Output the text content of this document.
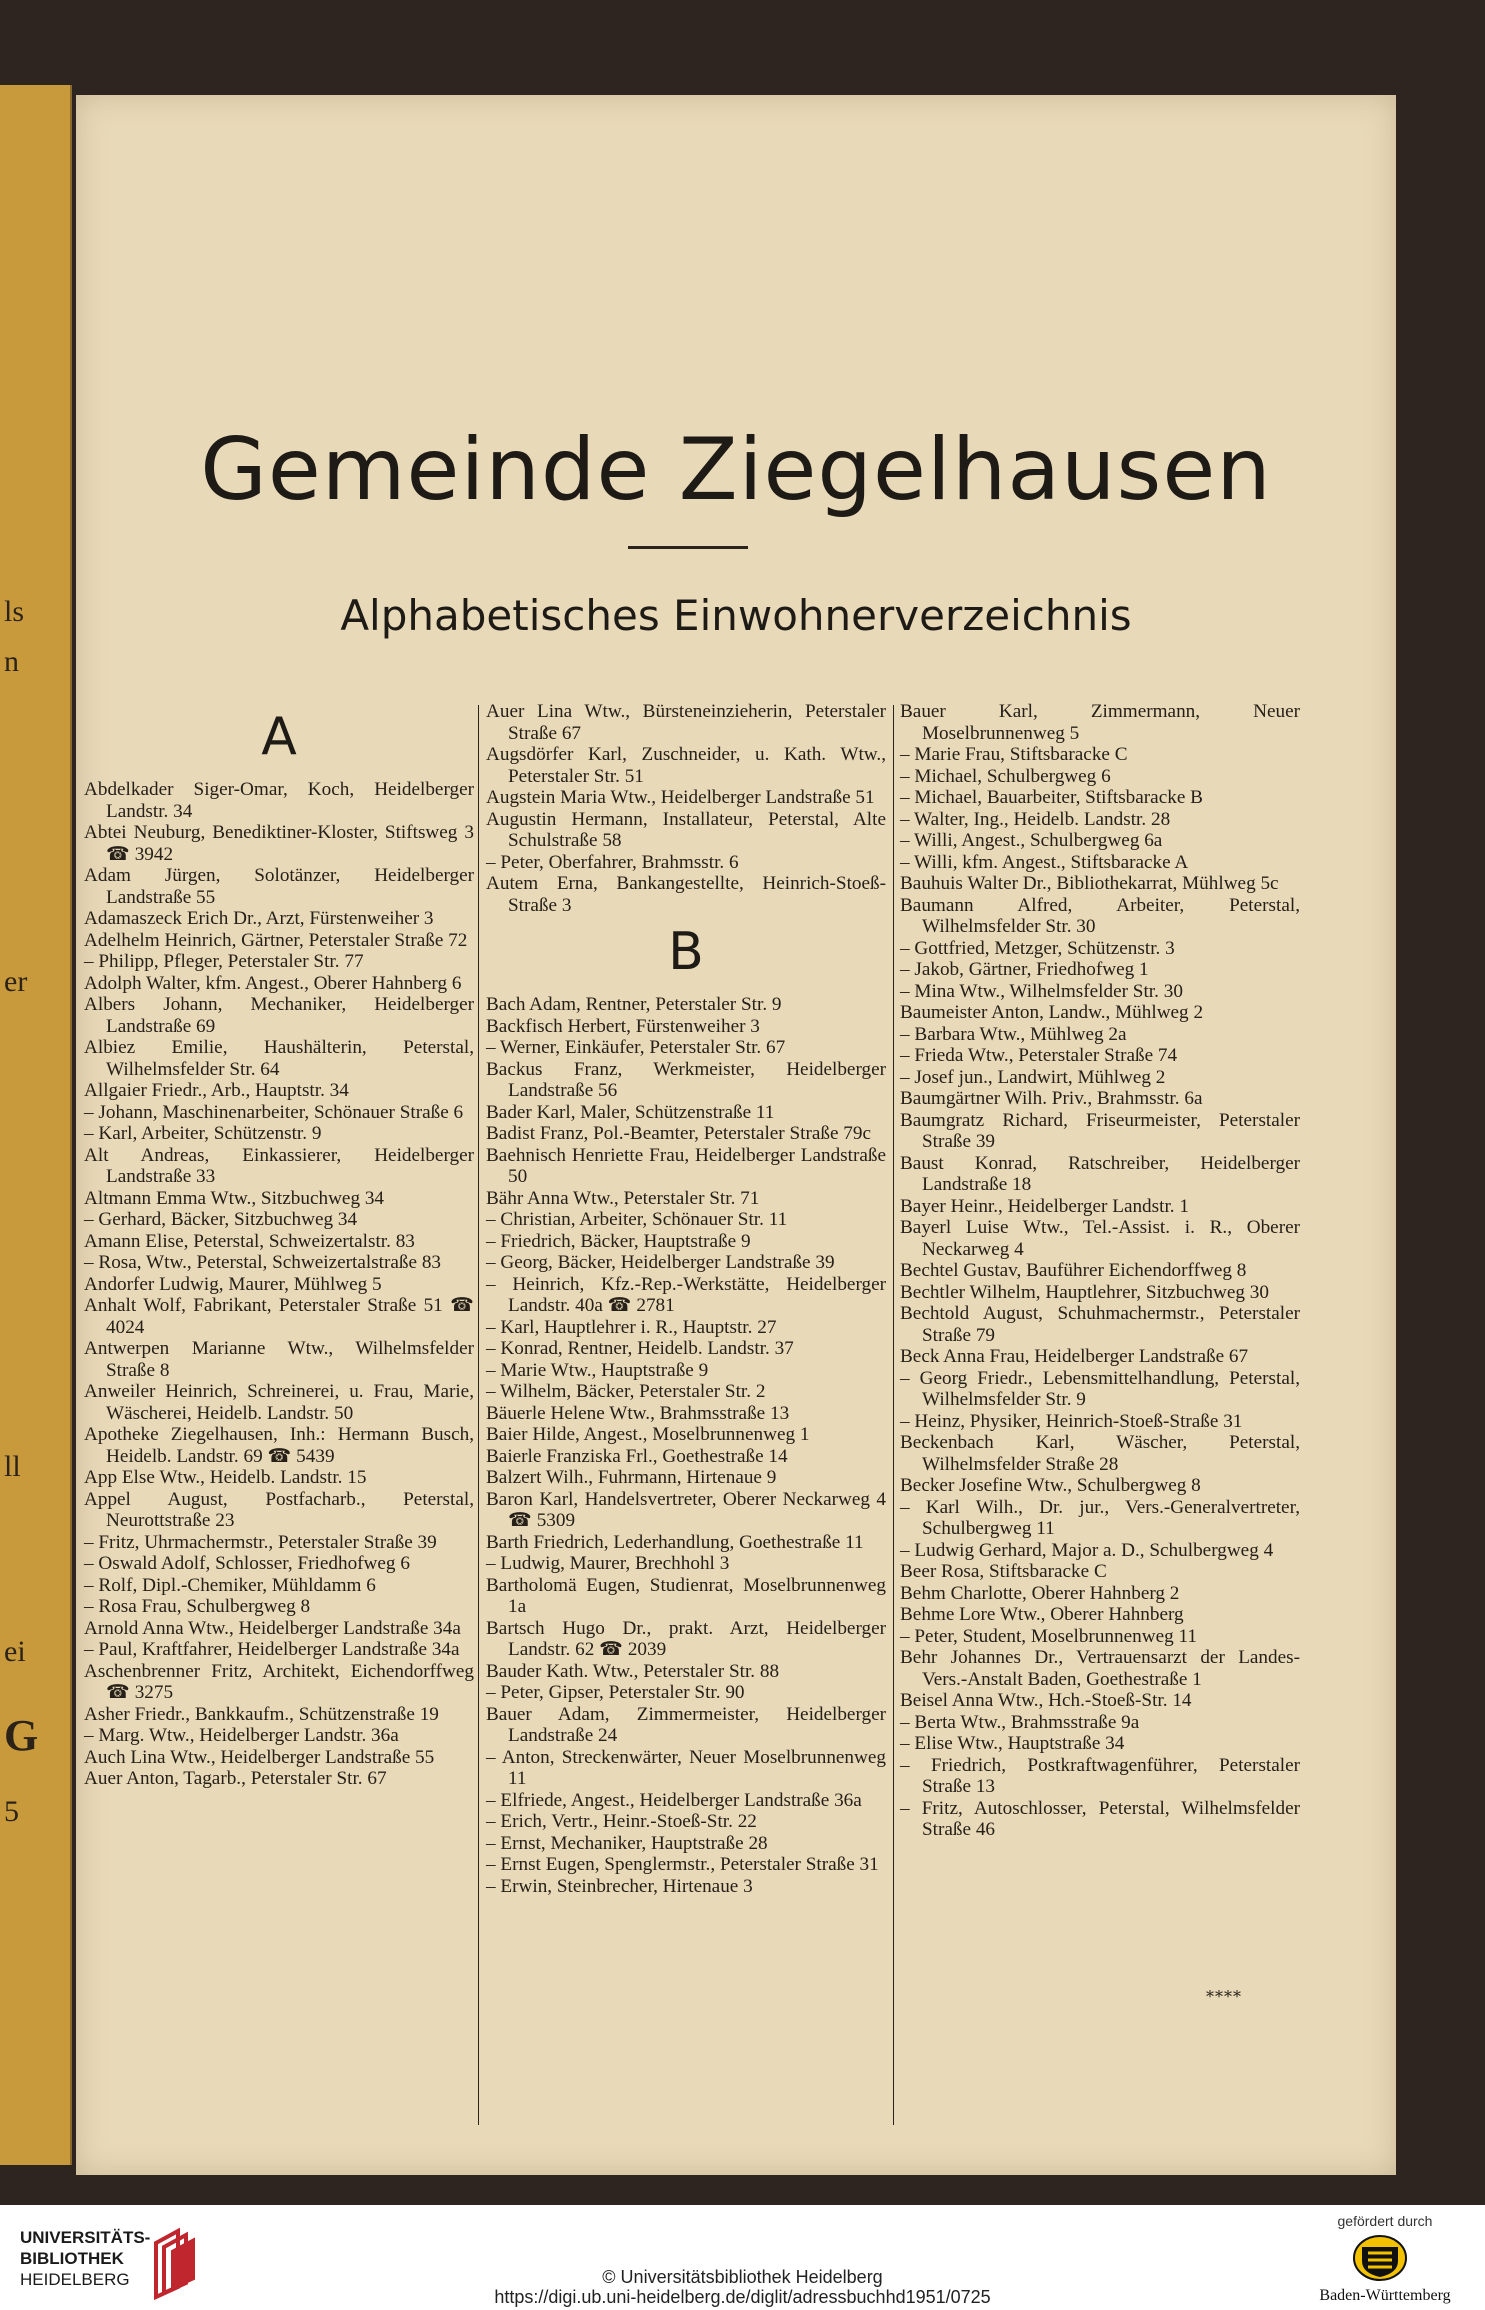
ls
n
er
ll
ei
G
5
Gemeinde Ziegelhausen
Alphabetisches Einwohnerverzeichnis
A

Abdelkader Siger-Omar, Koch, Heidelberger Landstr. 34

Abtei Neuburg, Benediktiner-Kloster, Stiftsweg 3 ☎ 3942

Adam Jürgen, Solotänzer, Heidelberger Landstraße 55

Adamaszeck Erich Dr., Arzt, Fürstenweiher 3

Adelhelm Heinrich, Gärtner, Peterstaler Straße 72

– Philipp, Pfleger, Peterstaler Str. 77

Adolph Walter, kfm. Angest., Oberer Hahnberg 6

Albers Johann, Mechaniker, Heidelberger Landstraße 69

Albiez Emilie, Haushälterin, Peterstal, Wilhelmsfelder Str. 64

Allgaier Friedr., Arb., Hauptstr. 34

– Johann, Maschinenarbeiter, Schönauer Straße 6

– Karl, Arbeiter, Schützenstr. 9

Alt Andreas, Einkassierer, Heidelberger Landstraße 33

Altmann Emma Wtw., Sitzbuchweg 34

– Gerhard, Bäcker, Sitzbuchweg 34

Amann Elise, Peterstal, Schweizertalstr. 83

– Rosa, Wtw., Peterstal, Schweizertalstraße 83

Andorfer Ludwig, Maurer, Mühlweg 5

Anhalt Wolf, Fabrikant, Peterstaler Straße 51 ☎ 4024

Antwerpen Marianne Wtw., Wilhelmsfelder Straße 8

Anweiler Heinrich, Schreinerei, u. Frau, Marie, Wäscherei, Heidelb. Landstr. 50

Apotheke Ziegelhausen, Inh.: Hermann Busch, Heidelb. Landstr. 69 ☎ 5439

App Else Wtw., Heidelb. Landstr. 15

Appel August, Postfacharb., Peterstal, Neurottstraße 23

– Fritz, Uhrmachermstr., Peterstaler Straße 39

– Oswald Adolf, Schlosser, Friedhofweg 6

– Rolf, Dipl.-Chemiker, Mühldamm 6

– Rosa Frau, Schulbergweg 8

Arnold Anna Wtw., Heidelberger Landstraße 34a

– Paul, Kraftfahrer, Heidelberger Landstraße 34a

Aschenbrenner Fritz, Architekt, Eichendorffweg ☎ 3275

Asher Friedr., Bankkaufm., Schützenstraße 19

– Marg. Wtw., Heidelberger Landstr. 36a

Auch Lina Wtw., Heidelberger Landstraße 55

Auer Anton, Tagarb., Peterstaler Str. 67

Auer Lina Wtw., Bürsteneinzieherin, Peterstaler Straße 67

Augsdörfer Karl, Zuschneider, u. Kath. Wtw., Peterstaler Str. 51

Augstein Maria Wtw., Heidelberger Landstraße 51

Augustin Hermann, Installateur, Peterstal, Alte Schulstraße 58

– Peter, Oberfahrer, Brahmsstr. 6

Autem Erna, Bankangestellte, Heinrich-Stoeß-Straße 3

B

Bach Adam, Rentner, Peterstaler Str. 9

Backfisch Herbert, Fürstenweiher 3

– Werner, Einkäufer, Peterstaler Str. 67

Backus Franz, Werkmeister, Heidelberger Landstraße 56

Bader Karl, Maler, Schützenstraße 11

Badist Franz, Pol.-Beamter, Peterstaler Straße 79c

Baehnisch Henriette Frau, Heidelberger Landstraße 50

Bähr Anna Wtw., Peterstaler Str. 71

– Christian, Arbeiter, Schönauer Str. 11

– Friedrich, Bäcker, Hauptstraße 9

– Georg, Bäcker, Heidelberger Landstraße 39

– Heinrich, Kfz.-Rep.-Werkstätte, Heidelberger Landstr. 40a ☎ 2781

– Karl, Hauptlehrer i. R., Hauptstr. 27

– Konrad, Rentner, Heidelb. Landstr. 37

– Marie Wtw., Hauptstraße 9

– Wilhelm, Bäcker, Peterstaler Str. 2

Bäuerle Helene Wtw., Brahmsstraße 13

Baier Hilde, Angest., Moselbrunnenweg 1

Baierle Franziska Frl., Goethestraße 14

Balzert Wilh., Fuhrmann, Hirtenaue 9

Baron Karl, Handelsvertreter, Oberer Neckarweg 4 ☎ 5309

Barth Friedrich, Lederhandlung, Goethestraße 11

– Ludwig, Maurer, Brechhohl 3

Bartholomä Eugen, Studienrat, Moselbrunnenweg 1a

Bartsch Hugo Dr., prakt. Arzt, Heidelberger Landstr. 62 ☎ 2039

Bauder Kath. Wtw., Peterstaler Str. 88

– Peter, Gipser, Peterstaler Str. 90

Bauer Adam, Zimmermeister, Heidelberger Landstraße 24

– Anton, Streckenwärter, Neuer Moselbrunnenweg 11

– Elfriede, Angest., Heidelberger Landstraße 36a

– Erich, Vertr., Heinr.-Stoeß-Str. 22

– Ernst, Mechaniker, Hauptstraße 28

– Ernst Eugen, Spenglermstr., Peterstaler Straße 31

– Erwin, Steinbrecher, Hirtenaue 3

Bauer Karl, Zimmermann, Neuer Moselbrunnenweg 5

– Marie Frau, Stiftsbaracke C

– Michael, Schulbergweg 6

– Michael, Bauarbeiter, Stiftsbaracke B

– Walter, Ing., Heidelb. Landstr. 28

– Willi, Angest., Schulbergweg 6a

– Willi, kfm. Angest., Stiftsbaracke A

Bauhuis Walter Dr., Bibliothekarrat, Mühlweg 5c

Baumann Alfred, Arbeiter, Peterstal, Wilhelmsfelder Str. 30

– Gottfried, Metzger, Schützenstr. 3

– Jakob, Gärtner, Friedhofweg 1

– Mina Wtw., Wilhelmsfelder Str. 30

Baumeister Anton, Landw., Mühlweg 2

– Barbara Wtw., Mühlweg 2a

– Frieda Wtw., Peterstaler Straße 74

– Josef jun., Landwirt, Mühlweg 2

Baumgärtner Wilh. Priv., Brahmsstr. 6a

Baumgratz Richard, Friseurmeister, Peterstaler Straße 39

Baust Konrad, Ratschreiber, Heidelberger Landstraße 18

Bayer Heinr., Heidelberger Landstr. 1

Bayerl Luise Wtw., Tel.-Assist. i. R., Oberer Neckarweg 4

Bechtel Gustav, Bauführer Eichendorffweg 8

Bechtler Wilhelm, Hauptlehrer, Sitzbuchweg 30

Bechtold August, Schuhmachermstr., Peterstaler Straße 79

Beck Anna Frau, Heidelberger Landstraße 67

– Georg Friedr., Lebensmittelhandlung, Peterstal, Wilhelmsfelder Str. 9

– Heinz, Physiker, Heinrich-Stoeß-Straße 31

Beckenbach Karl, Wäscher, Peterstal, Wilhelmsfelder Straße 28

Becker Josefine Wtw., Schulbergweg 8

– Karl Wilh., Dr. jur., Vers.-Generalvertreter, Schulbergweg 11

– Ludwig Gerhard, Major a. D., Schulbergweg 4

Beer Rosa, Stiftsbaracke C

Behm Charlotte, Oberer Hahnberg 2

Behme Lore Wtw., Oberer Hahnberg

– Peter, Student, Moselbrunnenweg 11

Behr Johannes Dr., Vertrauensarzt der Landes-Vers.-Anstalt Baden, Goethestraße 1

Beisel Anna Wtw., Hch.-Stoeß-Str. 14

– Berta Wtw., Brahmsstraße 9a

– Elise Wtw., Hauptstraße 34

– Friedrich, Postkraftwagenführer, Peterstaler Straße 13

– Fritz, Autoschlosser, Peterstal, Wilhelmsfelder Straße 46

****
UNIVERSITÄTS-
BIBLIOTHEK
HEIDELBERG	© Universitätsbibliothek Heidelberg
https://digi.ub.uni-heidelberg.de/diglit/adressbuchhd1951/0725
gefördert durch
Baden-Württemberg
